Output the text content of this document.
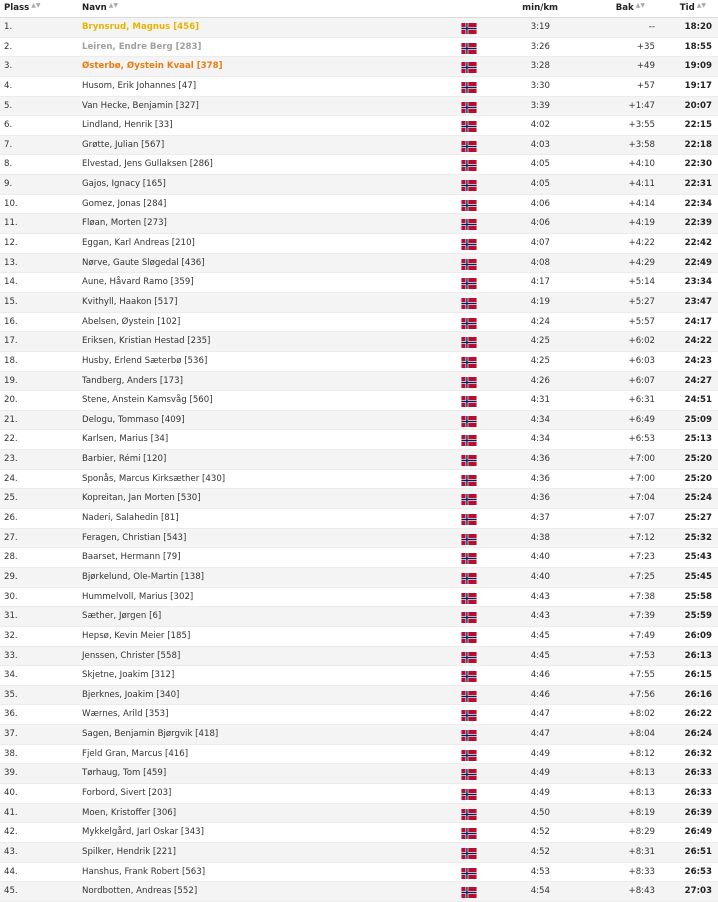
Plass ▲▼	Navn ▲▼	min/km	Bak ▲▼	Tid ▲▼
1.	Brynsrud, Magnus [456]	3:19	--	18:20
2.	Leiren, Endre Berg [283]	3:26	+35	18:55
3.	Østerbø, Øystein Kvaal [378]	3:28	+49	19:09
4.	Husom, Erik Johannes [47]	3:30	+57	19:17
5.	Van Hecke, Benjamin [327]	3:39	+1:47	20:07
6.	Lindland, Henrik [33]	4:02	+3:55	22:15
7.	Grøtte, Julian [567]	4:03	+3:58	22:18
8.	Elvestad, Jens Gullaksen [286]	4:05	+4:10	22:30
9.	Gajos, Ignacy [165]	4:05	+4:11	22:31
10.	Gomez, Jonas [284]	4:06	+4:14	22:34
11.	Fløan, Morten [273]	4:06	+4:19	22:39
12.	Eggan, Karl Andreas [210]	4:07	+4:22	22:42
13.	Nørve, Gaute Sløgedal [436]	4:08	+4:29	22:49
14.	Aune, Håvard Ramo [359]	4:17	+5:14	23:34
15.	Kvithyll, Haakon [517]	4:19	+5:27	23:47
16.	Abelsen, Øystein [102]	4:24	+5:57	24:17
17.	Eriksen, Kristian Hestad [235]	4:25	+6:02	24:22
18.	Husby, Erlend Sæterbø [536]	4:25	+6:03	24:23
19.	Tandberg, Anders [173]	4:26	+6:07	24:27
20.	Stene, Anstein Kamsvåg [560]	4:31	+6:31	24:51
21.	Delogu, Tommaso [409]	4:34	+6:49	25:09
22.	Karlsen, Marius [34]	4:34	+6:53	25:13
23.	Barbier, Rémi [120]	4:36	+7:00	25:20
24.	Sponås, Marcus Kirksæther [430]	4:36	+7:00	25:20
25.	Kopreitan, Jan Morten [530]	4:36	+7:04	25:24
26.	Naderi, Salahedin [81]	4:37	+7:07	25:27
27.	Feragen, Christian [543]	4:38	+7:12	25:32
28.	Baarset, Hermann [79]	4:40	+7:23	25:43
29.	Bjørkelund, Ole-Martin [138]	4:40	+7:25	25:45
30.	Hummelvoll, Marius [302]	4:43	+7:38	25:58
31.	Sæther, Jørgen [6]	4:43	+7:39	25:59
32.	Hepsø, Kevin Meier [185]	4:45	+7:49	26:09
33.	Jenssen, Christer [558]	4:45	+7:53	26:13
34.	Skjetne, Joakim [312]	4:46	+7:55	26:15
35.	Bjerknes, Joakim [340]	4:46	+7:56	26:16
36.	Wærnes, Arild [353]	4:47	+8:02	26:22
37.	Sagen, Benjamin Bjørgvik [418]	4:47	+8:04	26:24
38.	Fjeld Gran, Marcus [416]	4:49	+8:12	26:32
39.	Tørhaug, Tom [459]	4:49	+8:13	26:33
40.	Forbord, Sivert [203]	4:49	+8:13	26:33
41.	Moen, Kristoffer [306]	4:50	+8:19	26:39
42.	Mykkelgård, Jarl Oskar [343]	4:52	+8:29	26:49
43.	Spilker, Hendrik [221]	4:52	+8:31	26:51
44.	Hanshus, Frank Robert [563]	4:53	+8:33	26:53
45.	Nordbotten, Andreas [552]	4:54	+8:43	27:03
